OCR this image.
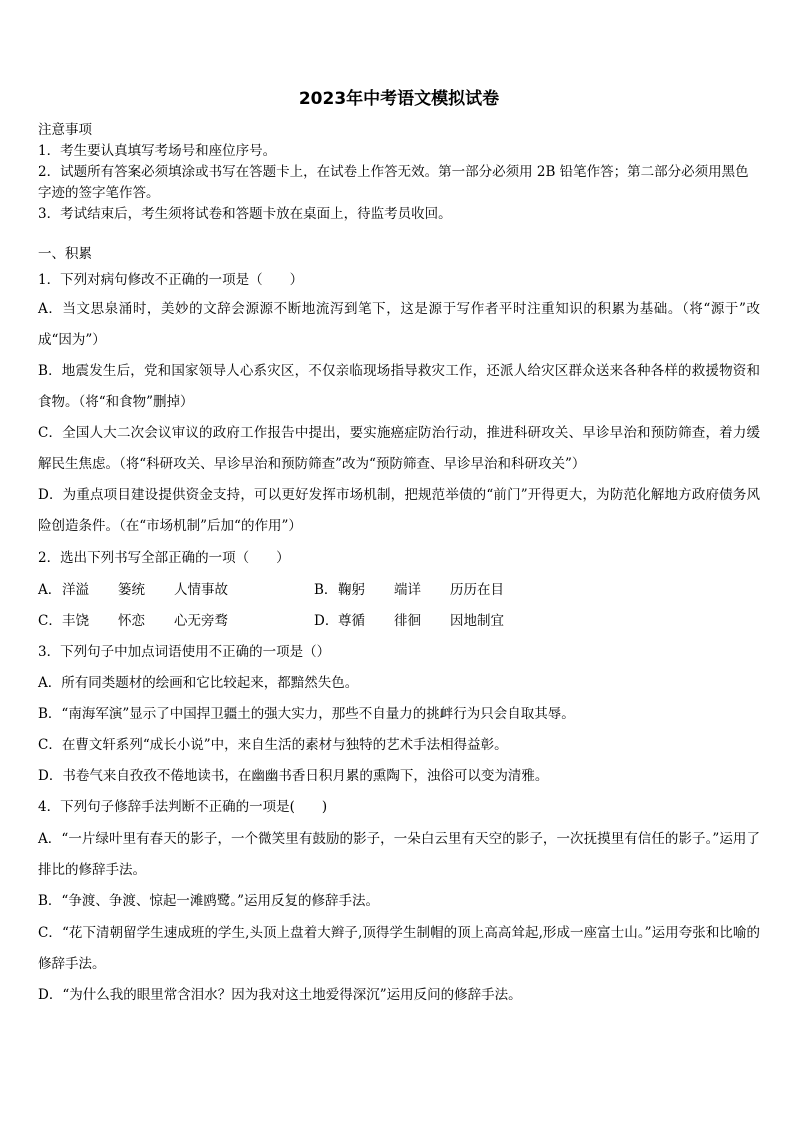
2023年中考语文模拟试卷
注意事项
1．考生要认真填写考场号和座位序号。
2．试题所有答案必须填涂或书写在答题卡上，在试卷上作答无效。第一部分必须用 2B 铅笔作答；第二部分必须用黑色字迹的签字笔作答。
3．考试结束后，考生须将试卷和答题卡放在桌面上，待监考员收回。
一、积累
1．下列对病句修改不正确的一项是（　　）
A．当文思泉涌时，美妙的文辞会源源不断地流泻到笔下，这是源于写作者平时注重知识的积累为基础。（将“源于”改成“因为”）
B．地震发生后，党和国家领导人心系灾区，不仅亲临现场指导救灾工作，还派人给灾区群众送来各种各样的救援物资和食物。（将“和食物”删掉）
C．全国人大二次会议审议的政府工作报告中提出，要实施癌症防治行动，推进科研攻关、早诊早治和预防筛查，着力缓解民生焦虑。（将“科研攻关、早诊早治和预防筛查”改为“预防筛查、早诊早治和科研攻关”）
D．为重点项目建设提供资金支持，可以更好发挥市场机制，把规范举债的“前门”开得更大，为防范化解地方政府债务风险创造条件。（在“市场机制”后加“的作用”）
2．选出下列书写全部正确的一项（　　）
A． 洋溢 篓统 人情事故	B． 鞠躬 端详 历历在目
C． 丰饶 怀恋 心无旁骛	D． 尊循 徘徊 因地制宜
3．下列句子中加点词语使用不正确的一项是（）
A．所有同类题材的绘画和它比较起来，都黯然失色。
B．“南海军演”显示了中国捍卫疆土的强大实力，那些不自量力的挑衅行为只会自取其辱。
C．在曹文轩系列“成长小说”中，来自生活的素材与独特的艺术手法相得益彰。
D．书卷气来自孜孜不倦地读书，在幽幽书香日积月累的熏陶下，浊俗可以变为清雅。
4．下列句子修辞手法判断不正确的一项是(　　)
A．“一片绿叶里有春天的影子，一个微笑里有鼓励的影子，一朵白云里有天空的影子，一次抚摸里有信任的影子。”运用了排比的修辞手法。
B．“争渡、争渡、惊起一滩鸥鹭。”运用反复的修辞手法。
C．“花下清朝留学生速成班的学生,头顶上盘着大辫子,顶得学生制帽的顶上高高耸起,形成一座富士山。”运用夸张和比喻的修辞手法。
D．“为什么我的眼里常含泪水？因为我对这土地爱得深沉”运用反问的修辞手法。
